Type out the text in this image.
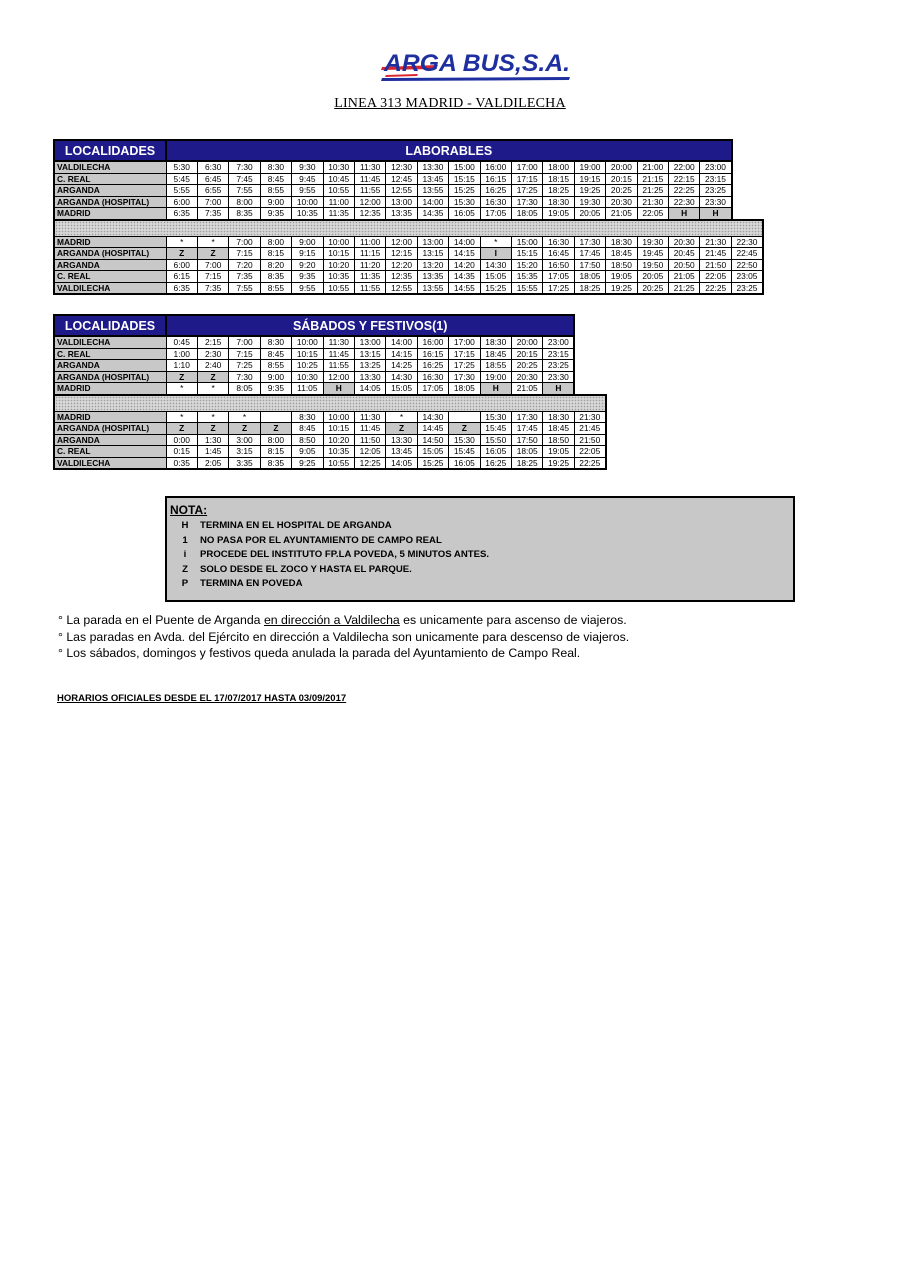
ARGA BUS,S.A.
LINEA 313 MADRID - VALDILECHA
LOCALIDADES	LABORABLES																		
VALDILECHA	5:30	6:30	7:30	8:30	9:30	10:30	11:30	12:30	13:30	15:00	16:00	17:00	18:00	19:00	20:00	21:00	22:00	23:00	
C. REAL	5:45	6:45	7:45	8:45	9:45	10:45	11:45	12:45	13:45	15:15	16:15	17:15	18:15	19:15	20:15	21:15	22:15	23:15	
ARGANDA	5:55	6:55	7:55	8:55	9:55	10:55	11:55	12:55	13:55	15:25	16:25	17:25	18:25	19:25	20:25	21:25	22:25	23:25	
ARGANDA (HOSPITAL)	6:00	7:00	8:00	9:00	10:00	11:00	12:00	13:00	14:00	15:30	16:30	17:30	18:30	19:30	20:30	21:30	22:30	23:30	
MADRID	6:35	7:35	8:35	9:35	10:35	11:35	12:35	13:35	14:35	16:05	17:05	18:05	19:05	20:05	21:05	22:05	H	H	

MADRID	*	*	7:00	8:00	9:00	10:00	11:00	12:00	13:00	14:00	*	15:00	16:30	17:30	18:30	19:30	20:30	21:30	22:30
ARGANDA (HOSPITAL)	Z	Z	7:15	8:15	9:15	10:15	11:15	12:15	13:15	14:15	I	15:15	16:45	17:45	18:45	19:45	20:45	21:45	22:45
ARGANDA	6:00	7:00	7:20	8:20	9:20	10:20	11:20	12:20	13:20	14:20	14:30	15:20	16:50	17:50	18:50	19:50	20:50	21:50	22:50
C. REAL	6:15	7:15	7:35	8:35	9:35	10:35	11:35	12:35	13:35	14:35	15:05	15:35	17:05	18:05	19:05	20:05	21:05	22:05	23:05
VALDILECHA	6:35	7:35	7:55	8:55	9:55	10:55	11:55	12:55	13:55	14:55	15:25	15:55	17:25	18:25	19:25	20:25	21:25	22:25	23:25
LOCALIDADES	SÁBADOS Y FESTIVOS(1)													
VALDILECHA	0:45	2:15	7:00	8:30	10:00	11:30	13:00	14:00	16:00	17:00	18:30	20:00	23:00	
C. REAL	1:00	2:30	7:15	8:45	10:15	11:45	13:15	14:15	16:15	17:15	18:45	20:15	23:15	
ARGANDA	1:10	2:40	7:25	8:55	10:25	11:55	13:25	14:25	16:25	17:25	18:55	20:25	23:25	
ARGANDA (HOSPITAL)	Z	Z	7:30	9:00	10:30	12:00	13:30	14:30	16:30	17:30	19:00	20:30	23:30	
MADRID	*	*	8:05	9:35	11:05	H	14:05	15:05	17:05	18:05	H	21:05	H	

MADRID	*	*	*		8:30	10:00	11:30	*	14:30		15:30	17:30	18:30	21:30
ARGANDA (HOSPITAL)	Z	Z	Z	Z	8:45	10:15	11:45	Z	14:45	Z	15:45	17:45	18:45	21:45
ARGANDA	0:00	1:30	3:00	8:00	8:50	10:20	11:50	13:30	14:50	15:30	15:50	17:50	18:50	21:50
C. REAL	0:15	1:45	3:15	8:15	9:05	10:35	12:05	13:45	15:05	15:45	16:05	18:05	19:05	22:05
VALDILECHA	0:35	2:05	3:35	8:35	9:25	10:55	12:25	14:05	15:25	16:05	16:25	18:25	19:25	22:25
NOTA:
H	TERMINA EN EL HOSPITAL DE ARGANDA
1	NO PASA POR EL AYUNTAMIENTO DE CAMPO REAL
i	PROCEDE DEL INSTITUTO FP.LA POVEDA, 5 MINUTOS ANTES.
Z	SOLO DESDE EL ZOCO Y HASTA EL PARQUE.
P	TERMINA EN POVEDA
° La parada en el Puente de Arganda en dirección a Valdilecha es unicamente para ascenso de viajeros.
° Las paradas en Avda. del Ejército en dirección a Valdilecha son unicamente para descenso de viajeros.
° Los sábados, domingos y festivos queda anulada la parada del Ayuntamiento de Campo Real.
HORARIOS OFICIALES DESDE EL 17/07/2017 HASTA 03/09/2017
